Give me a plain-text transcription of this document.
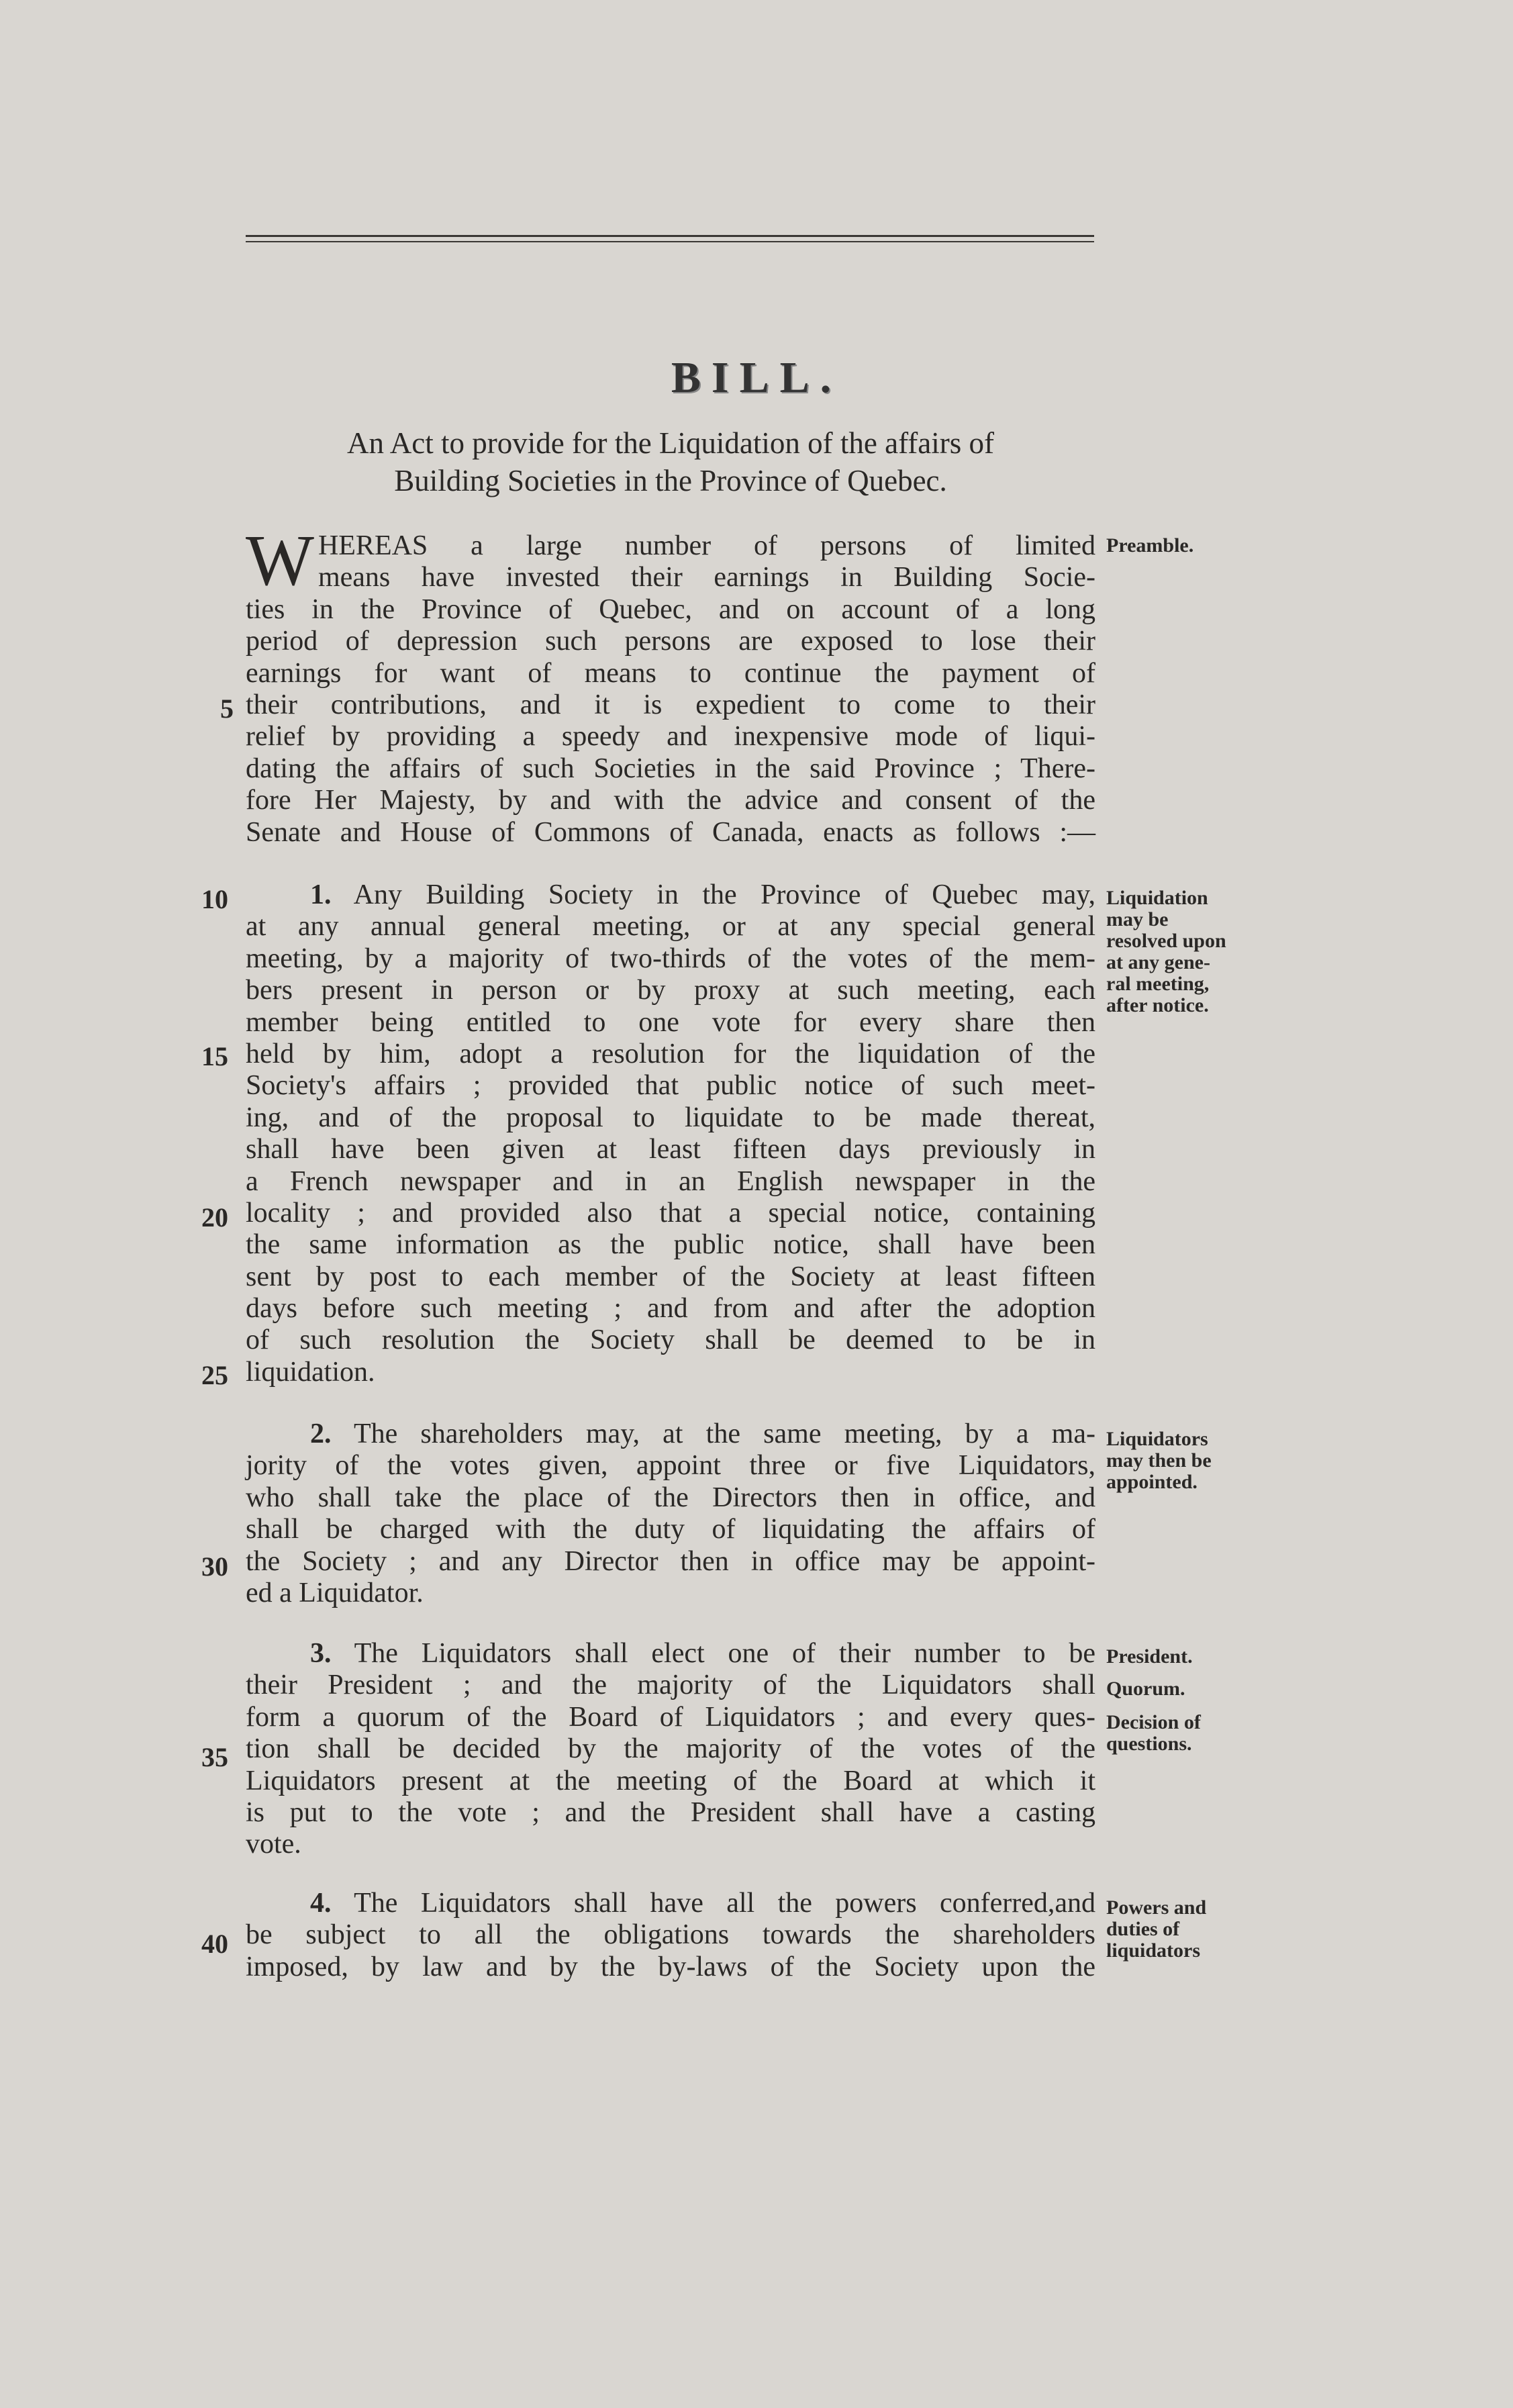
BILL.
An Act to provide for the Liquidation of the affairs of
Building Societies in the Province of Quebec.
W HEREAS a large number of persons of limited
means have invested their earnings in Building Socie-
ties in the Province of Quebec, and on account of a long
period of depression such persons are exposed to lose their
earnings for want of means to continue the payment of
their contributions, and it is expedient to come to their
relief by providing a speedy and inexpensive mode of liqui-
dating the affairs of such Societies in the said Province ; There-
fore Her Majesty, by and with the advice and consent of the
Senate and House of Commons of Canada, enacts as follows :—
1. Any Building Society in the Province of Quebec may,
at any annual general meeting, or at any special general
meeting, by a majority of two-thirds of the votes of the mem-
bers present in person or by proxy at such meeting, each
member being entitled to one vote for every share then
held by him, adopt a resolution for the liquidation of the
Society's affairs ; provided that public notice of such meet-
ing, and of the proposal to liquidate to be made thereat,
shall have been given at least fifteen days previously in
a French newspaper and in an English newspaper in the
locality ; and provided also that a special notice, containing
the same information as the public notice, shall have been
sent by post to each member of the Society at least fifteen
days before such meeting ; and from and after the adoption
of such resolution the Society shall be deemed to be in
liquidation.
2. The shareholders may, at the same meeting, by a ma-
jority of the votes given, appoint three or five Liquidators,
who shall take the place of the Directors then in office, and
shall be charged with the duty of liquidating the affairs of
the Society ; and any Director then in office may be appoint-
ed a Liquidator.
3. The Liquidators shall elect one of their number to be
their President ; and the majority of the Liquidators shall
form a quorum of the Board of Liquidators ; and every ques-
tion shall be decided by the majority of the votes of the
Liquidators present at the meeting of the Board at which it
is put to the vote ; and the President shall have a casting
vote.
4. The Liquidators shall have all the powers conferred,and
be subject to all the obligations towards the shareholders
imposed, by law and by the by-laws of the Society upon the
5
10
15
20
25
30
35
40
Preamble.
Liquidation
may be
resolved upon
at any gene-
ral meeting,
after notice.
Liquidators
may then be
appointed.
President.
Quorum.
Decision of
questions.
Powers and
duties of
liquidators
